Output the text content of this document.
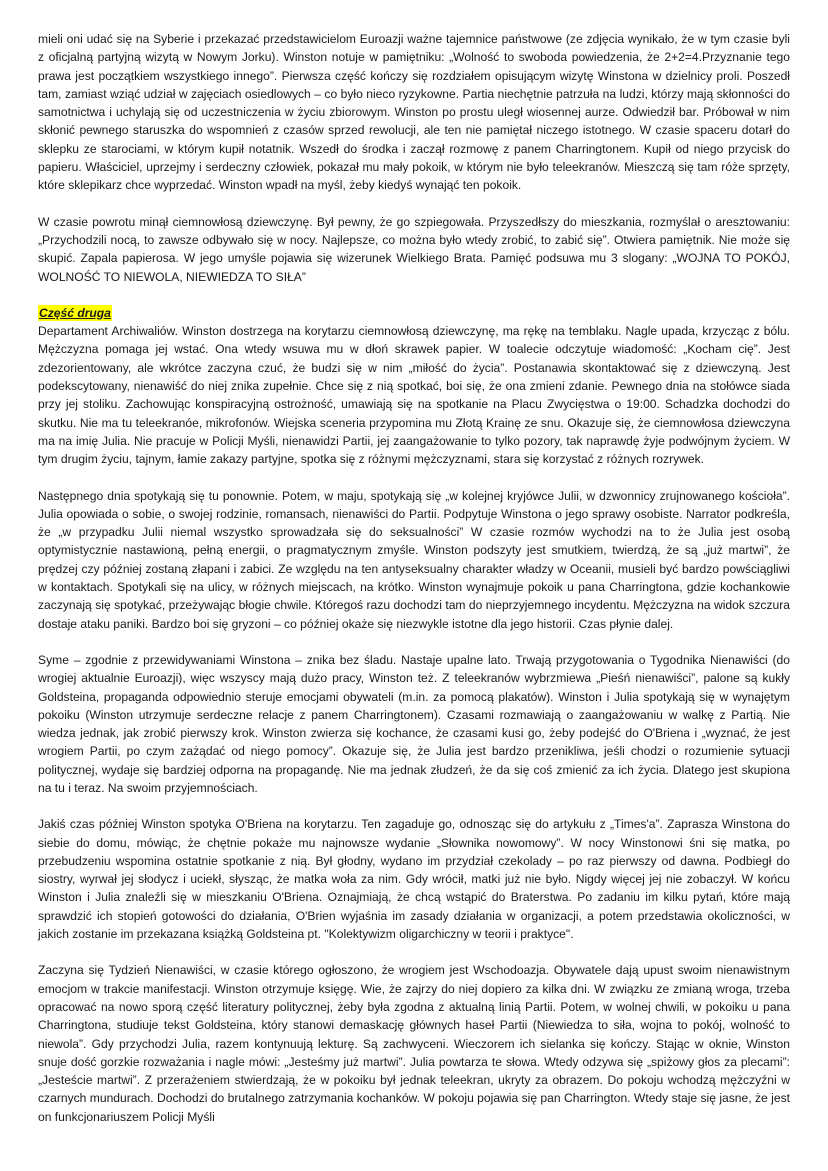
mieli oni udać się na Syberie i przekazać przedstawicielom Euroazji ważne tajemnice państwowe (ze zdjęcia wynikało, że w tym czasie byli z oficjalną partyjną wizytą w Nowym Jorku). Winston notuje w pamiętniku: „Wolność to swoboda powiedzenia, że 2+2=4.Przyznanie tego prawa jest początkiem wszystkiego innego”. Pierwsza część kończy się rozdziałem opisującym wizytę Winstona w dzielnicy proli. Poszedł tam, zamiast wziąć udział w zajęciach osiedlowych – co było nieco ryzykowne. Partia niechętnie patrzuła na ludzi, którzy mają skłonności do samotnictwa i uchylają się od uczestniczenia w życiu zbiorowym. Winston po prostu uległ wiosennej aurze. Odwiedził bar. Próbował w nim skłonić pewnego staruszka do wspomnień z czasów sprzed rewolucji, ale ten nie pamiętał niczego istotnego. W czasie spaceru dotarł do sklepku ze starociami, w którym kupił notatnik. Wszedł do środka i zaczął rozmowę z panem Charringtonem. Kupił od niego przycisk do papieru. Właściciel, uprzejmy i serdeczny człowiek, pokazał mu mały pokoik, w którym nie było teleekranów. Mieszczą się tam róże sprzęty, które sklepikarz chce wyprzedać. Winston wpadł na myśl, żeby kiedyś wynająć ten pokoik.

W czasie powrotu minął ciemnowłosą dziewczynę. Był pewny, że go szpiegowała. Przyszedłszy do mieszkania, rozmyślał o aresztowaniu: „Przychodzili nocą, to zawsze odbywało się w nocy. Najlepsze, co można było wtedy zrobić, to zabić się”. Otwiera pamiętnik. Nie może się skupić. Zapala papierosa. W jego umyśle pojawia się wizerunek Wielkiego Brata. Pamięć podsuwa mu 3 slogany: „WOJNA TO POKÓJ, WOLNOŚĆ TO NIEWOLA, NIEWIEDZA TO SIŁA”

Część druga

Departament Archiwaliów. Winston dostrzega na korytarzu ciemnowłosą dziewczynę, ma rękę na temblaku. Nagle upada, krzycząc z bólu. Mężczyzna pomaga jej wstać. Ona wtedy wsuwa mu w dłoń skrawek papier. W toalecie odczytuje wiadomość: „Kocham cię”. Jest zdezorientowany, ale wkrótce zaczyna czuć, że budzi się w nim „miłość do życia”. Postanawia skontaktować się z dziewczyną. Jest podekscytowany, nienawiść do niej znika zupełnie. Chce się z nią spotkać, boi się, że ona zmieni zdanie. Pewnego dnia na stołówce siada przy jej stoliku. Zachowując konspiracyjną ostrożność, umawiają się na spotkanie na Placu Zwycięstwa o 19:00. Schadzka dochodzi do skutku. Nie ma tu teleekranóe, mikrofonów. Wiejska sceneria przypomina mu Złotą Krainę ze snu. Okazuje się, że ciemnowłosa dziewczyna ma na imię Julia. Nie pracuje w Policji Myśli, nienawidzi Partii, jej zaangażowanie to tylko pozory, tak naprawdę żyje podwójnym życiem. W tym drugim życiu, tajnym, łamie zakazy partyjne, spotka się z różnymi mężczyznami, stara się korzystać z różnych rozrywek.

Następnego dnia spotykają się tu ponownie. Potem, w maju, spotykają się „w kolejnej kryjówce Julii, w dzwonnicy zrujnowanego kościoła”. Julia opowiada o sobie, o swojej rodzinie, romansach, nienawiści do Partii. Podpytuje Winstona o jego sprawy osobiste. Narrator podkreśla, że „w przypadku Julii niemal wszystko sprowadzała się do seksualności” W czasie rozmów wychodzi na to że Julia jest osobą optymistycznie nastawioną, pełną energii, o pragmatycznym zmyśle. Winston podszyty jest smutkiem, twierdzą, że są „już martwi”, że prędzej czy później zostaną złapani i zabici. Ze względu na ten antyseksualny charakter władzy w Oceanii, musieli być bardzo powściągliwi w kontaktach. Spotykali się na ulicy, w różnych miejscach, na krótko. Winston wynajmuje pokoik u pana Charringtona, gdzie kochankowie zaczynają się spotykać, przeżywając błogie chwile. Któregoś razu dochodzi tam do nieprzyjemnego incydentu. Mężczyzna na widok szczura dostaje ataku paniki. Bardzo boi się gryzoni – co później okaże się niezwykle istotne dla jego historii. Czas płynie dalej.

Syme – zgodnie z przewidywaniami Winstona – znika bez śladu. Nastaje upalne lato. Trwają przygotowania o Tygodnika Nienawiści (do wrogiej aktualnie Euroazji), więc wszyscy mają dużo pracy, Winston też. Z teleekranów wybrzmiewa „Pieśń nienawiści”, palone są kukły Goldsteina, propaganda odpowiednio steruje emocjami obywateli (m.in. za pomocą plakatów). Winston i Julia spotykają się w wynajętym pokoiku (Winston utrzymuje serdeczne relacje z panem Charringtonem). Czasami rozmawiają o zaangażowaniu w walkę z Partią. Nie wiedza jednak, jak zrobić pierwszy krok. Winston zwierza się kochance, że czasami kusi go, żeby podejść do O'Briena i „wyznać, że jest wrogiem Partii, po czym zażądać od niego pomocy”. Okazuje się, że Julia jest bardzo przenikliwa, jeśli chodzi o rozumienie sytuacji politycznej, wydaje się bardziej odporna na propagandę. Nie ma jednak złudzeń, że da się coś zmienić za ich życia. Dlatego jest skupiona na tu i teraz. Na swoim przyjemnościach.

Jakiś czas później Winston spotyka O'Briena na korytarzu. Ten zagaduje go, odnosząc się do artykułu z „Times'a”. Zaprasza Winstona do siebie do domu, mówiąc, że chętnie pokaże mu najnowsze wydanie „Słownika nowomowy”. W nocy Winstonowi śni się matka, po przebudzeniu wspomina ostatnie spotkanie z nią. Był głodny, wydano im przydział czekolady – po raz pierwszy od dawna. Podbiegł do siostry, wyrwał jej słodycz i uciekł, słysząc, że matka woła za nim. Gdy wrócił, matki już nie było. Nigdy więcej jej nie zobaczył. W końcu Winston i Julia znaleźli się w mieszkaniu O'Briena. Oznajmiają, że chcą wstąpić do Braterstwa. Po zadaniu im kilku pytań, które mają sprawdzić ich stopień gotowości do działania, O'Brien wyjaśnia im zasady działania w organizacji, a potem przedstawia okoliczności, w jakich zostanie im przekazana książką Goldsteina pt. "Kolektywizm oligarchiczny w teorii i praktyce".

Zaczyna się Tydzień Nienawiści, w czasie którego ogłoszono, że wrogiem jest Wschodoazja. Obywatele dają upust swoim nienawistnym emocjom w trakcie manifestacji. Winston otrzymuje księgę. Wie, że zajrzy do niej dopiero za kilka dni. W związku ze zmianą wroga, trzeba opracować na nowo sporą część literatury politycznej, żeby była zgodna z aktualną linią Partii. Potem, w wolnej chwili, w pokoiku u pana Charringtona, studiuje tekst Goldsteina, który stanowi demaskację głównych haseł Partii (Niewiedza to siła, wojna to pokój, wolność to niewola”. Gdy przychodzi Julia, razem kontynuują lekturę. Są zachwyceni. Wieczorem ich sielanka się kończy. Stając w oknie, Winston snuje dość gorzkie rozważania i nagle mówi: „Jesteśmy już martwi”. Julia powtarza te słowa. Wtedy odzywa się „spiżowy głos za plecami”: „Jesteście martwi”. Z przerażeniem stwierdzają, że w pokoiku był jednak teleekran, ukryty za obrazem. Do pokoju wchodzą mężczyźni w czarnych mundurach. Dochodzi do brutalnego zatrzymania kochanków. W pokoju pojawia się pan Charrington. Wtedy staje się jasne, że jest on funkcjonariuszem Policji Myśli
